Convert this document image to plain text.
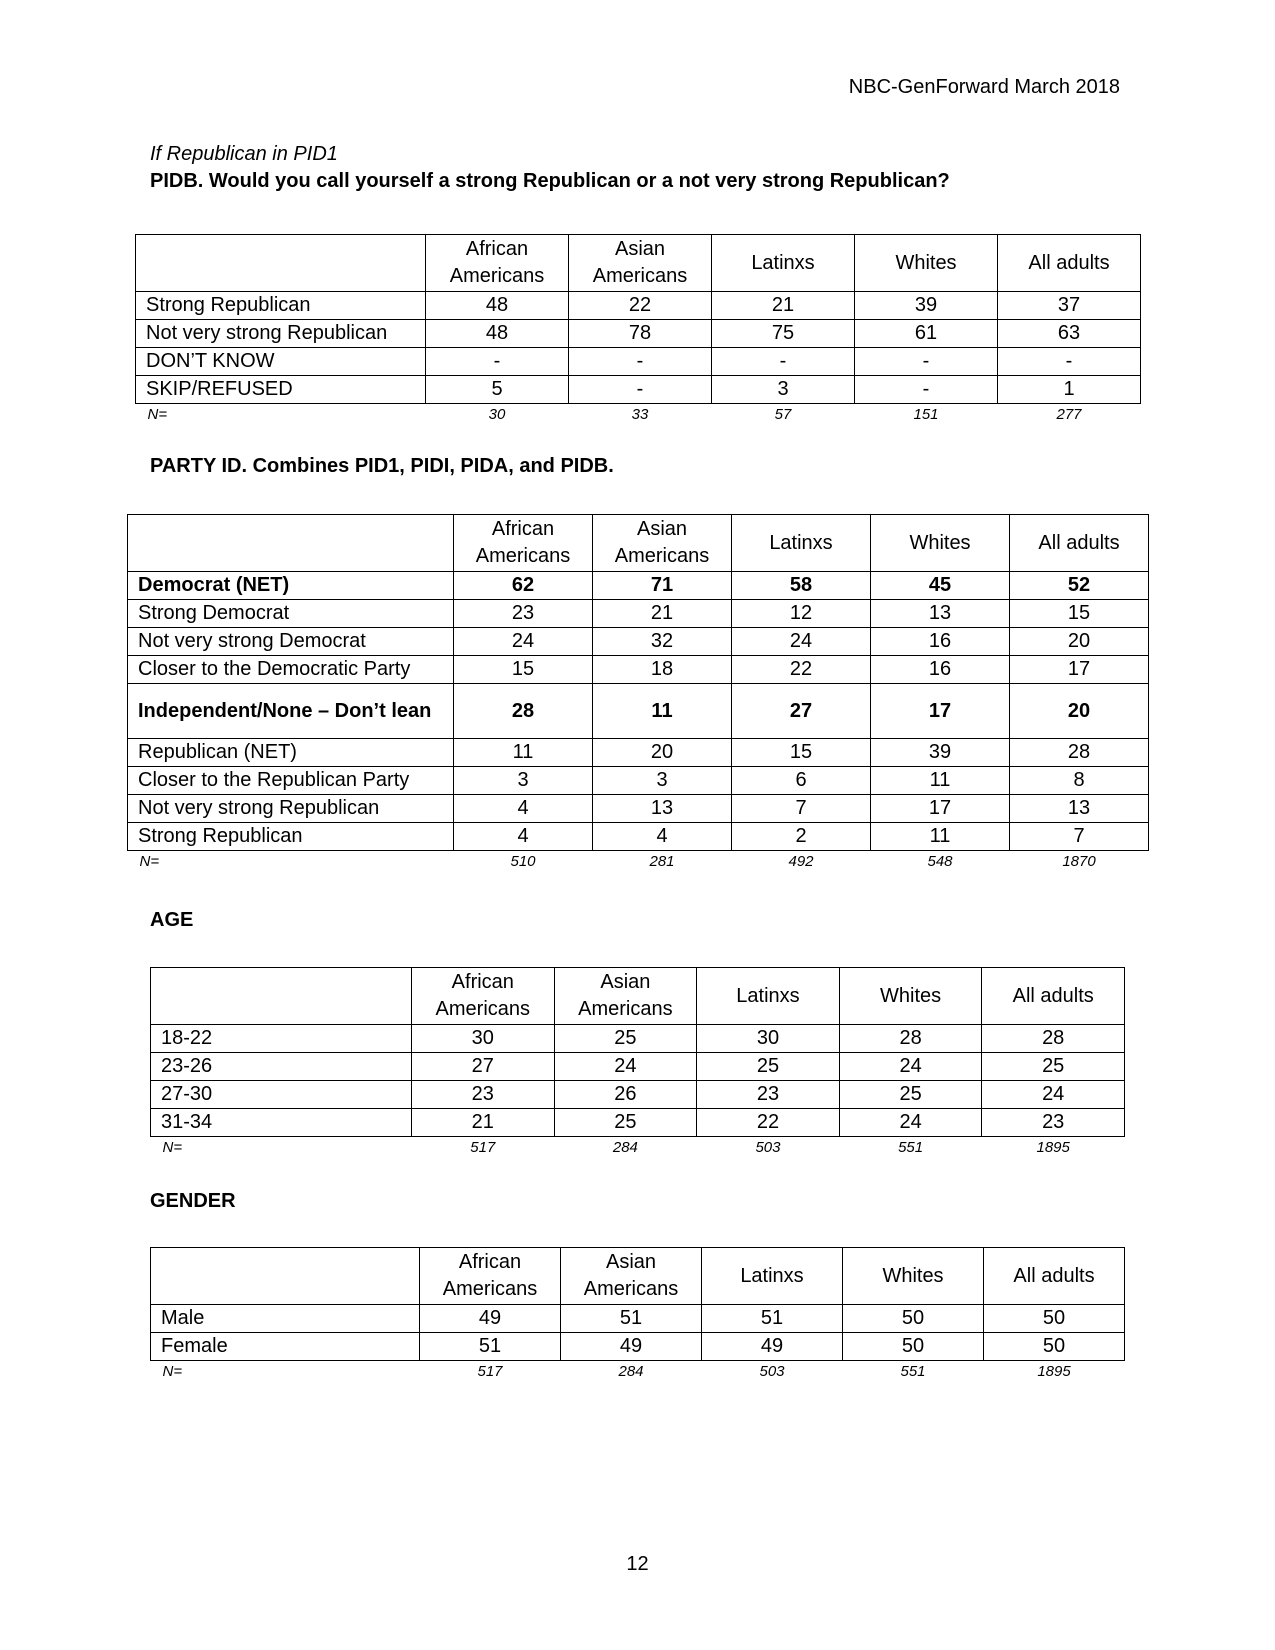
NBC-GenForward March 2018

If Republican in PID1

PIDB. Would you call yourself a strong Republican or a not very strong Republican?

	African
Americans	Asian
Americans	Latinxs	Whites	All adults

Strong Republican	48	22	21	39	37
Not very strong Republican	48	78	75	61	63
DON’T KNOW	-	-	-	-	-
SKIP/REFUSED	5	-	3	-	1
N=	30	33	57	151	277

PARTY ID. Combines PID1, PIDI, PIDA, and PIDB.

	African
Americans	Asian
Americans	Latinxs	Whites	All adults

Democrat (NET)	62	71	58	45	52
Strong Democrat	23	21	12	13	15
Not very strong Democrat	24	32	24	16	20
Closer to the Democratic Party	15	18	22	16	17
Independent/None – Don’t lean	28	11	27	17	20
Republican (NET)	11	20	15	39	28
Closer to the Republican Party	3	3	6	11	8
Not very strong Republican	4	13	7	17	13
Strong Republican	4	4	2	11	7
N=	510	281	492	548	1870

AGE

	African
Americans	Asian
Americans	Latinxs	Whites	All adults

18-22	30	25	30	28	28
23-26	27	24	25	24	25
27-30	23	26	23	25	24
31-34	21	25	22	24	23
N=	517	284	503	551	1895

GENDER

	African
Americans	Asian
Americans	Latinxs	Whites	All adults

Male	49	51	51	50	50
Female	51	49	49	50	50
N=	517	284	503	551	1895
12
